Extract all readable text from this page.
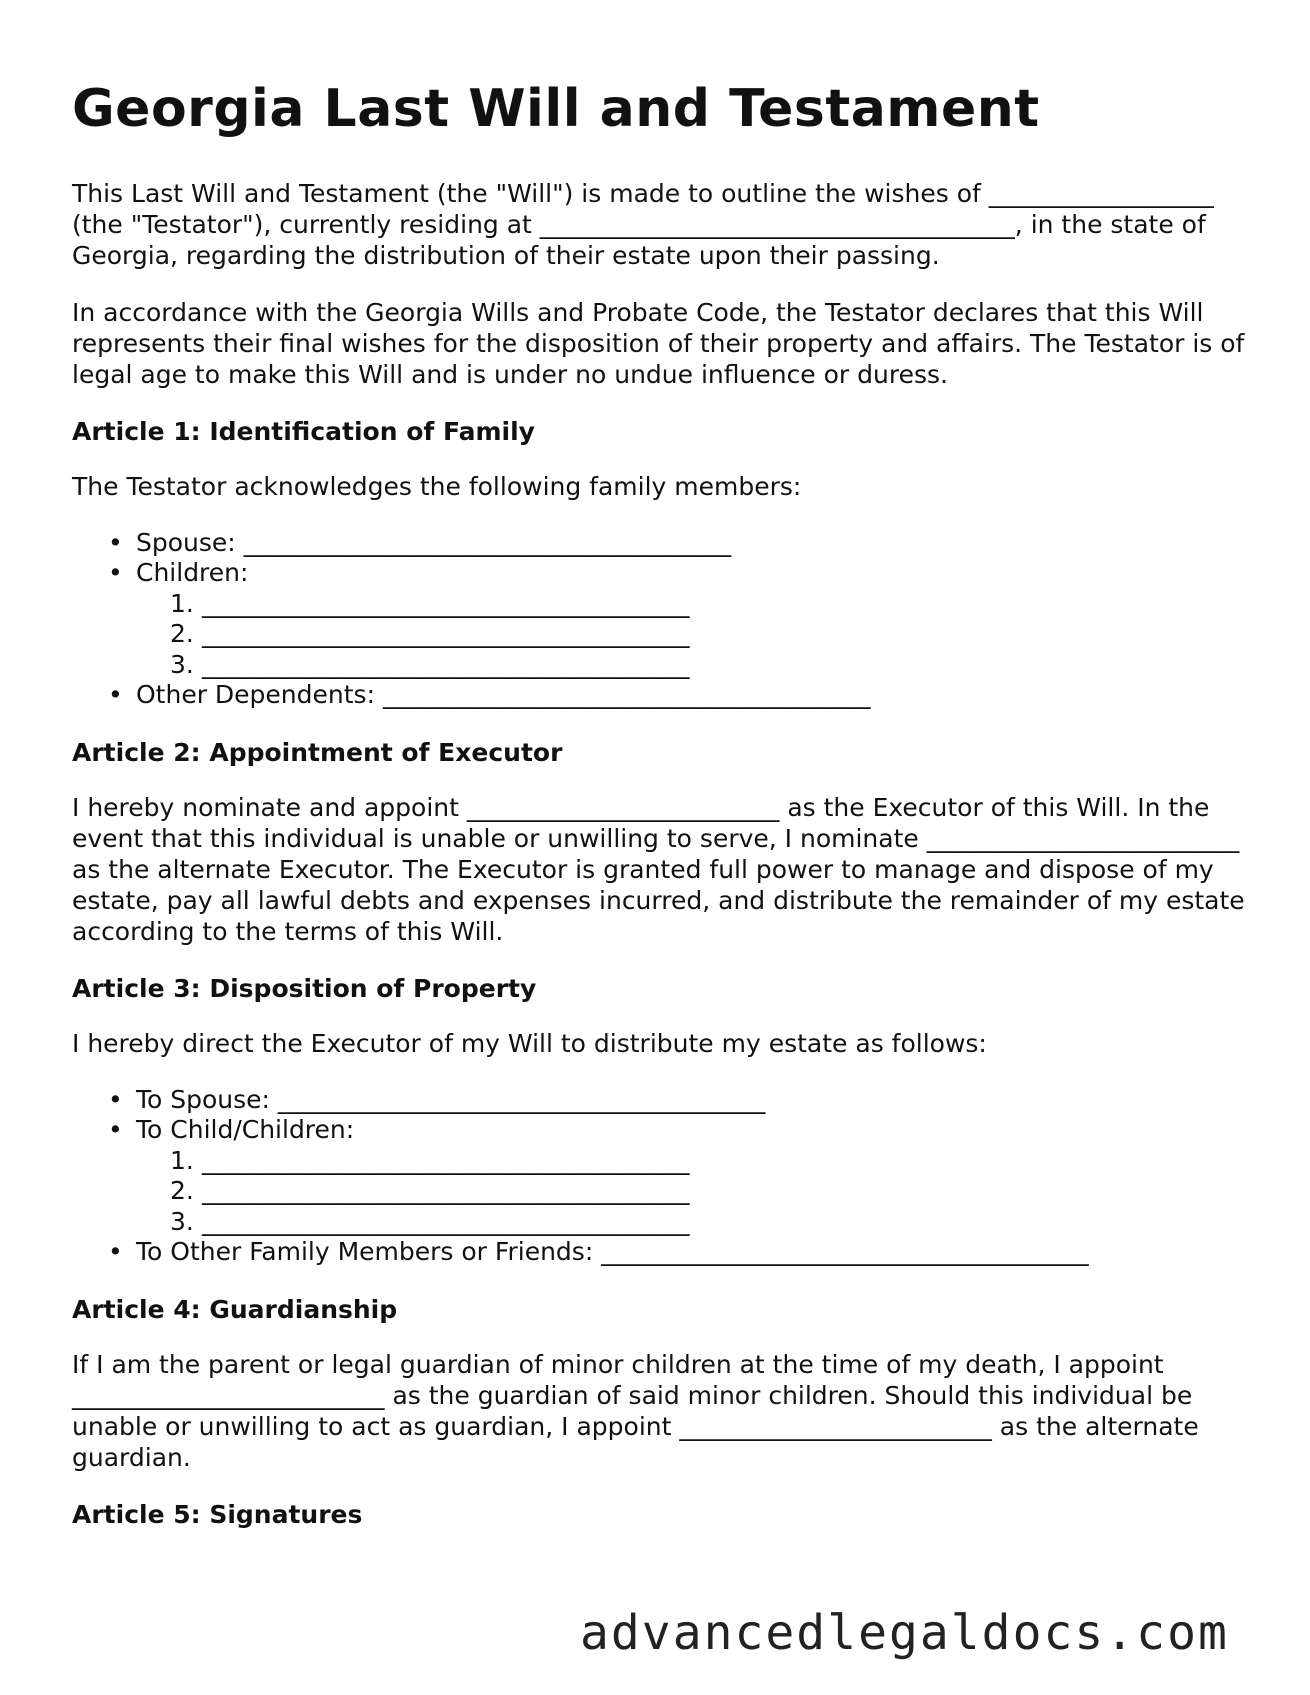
Georgia Last Will and Testament

This Last Will and Testament (the "Will") is made to outline the wishes of __________________ (the "Testator"), currently residing at ______________________________________, in the state of Georgia, regarding the distribution of their estate upon their passing.

In accordance with the Georgia Wills and Probate Code, the Testator declares that this Will represents their final wishes for the disposition of their property and affairs. The Testator is of legal age to make this Will and is under no undue influence or duress.

Article 1: Identification of Family

The Testator acknowledges the following family members:

• Spouse: _______________________________________
• Children:
1. _______________________________________
2. _______________________________________
3. _______________________________________
• Other Dependents: _______________________________________
Article 2: Appointment of Executor

I hereby nominate and appoint _________________________ as the Executor of this Will. In the event that this individual is unable or unwilling to serve, I nominate _________________________ as the alternate Executor. The Executor is granted full power to manage and dispose of my estate, pay all lawful debts and expenses incurred, and distribute the remainder of my estate according to the terms of this Will.

Article 3: Disposition of Property

I hereby direct the Executor of my Will to distribute my estate as follows:

• To Spouse: _______________________________________
• To Child/Children:
1. _______________________________________
2. _______________________________________
3. _______________________________________
• To Other Family Members or Friends: _______________________________________
Article 4: Guardianship

If I am the parent or legal guardian of minor children at the time of my death, I appoint _________________________ as the guardian of said minor children. Should this individual be unable or unwilling to act as guardian, I appoint _________________________ as the alternate guardian.

Article 5: Signatures
advancedlegaldocs.com
